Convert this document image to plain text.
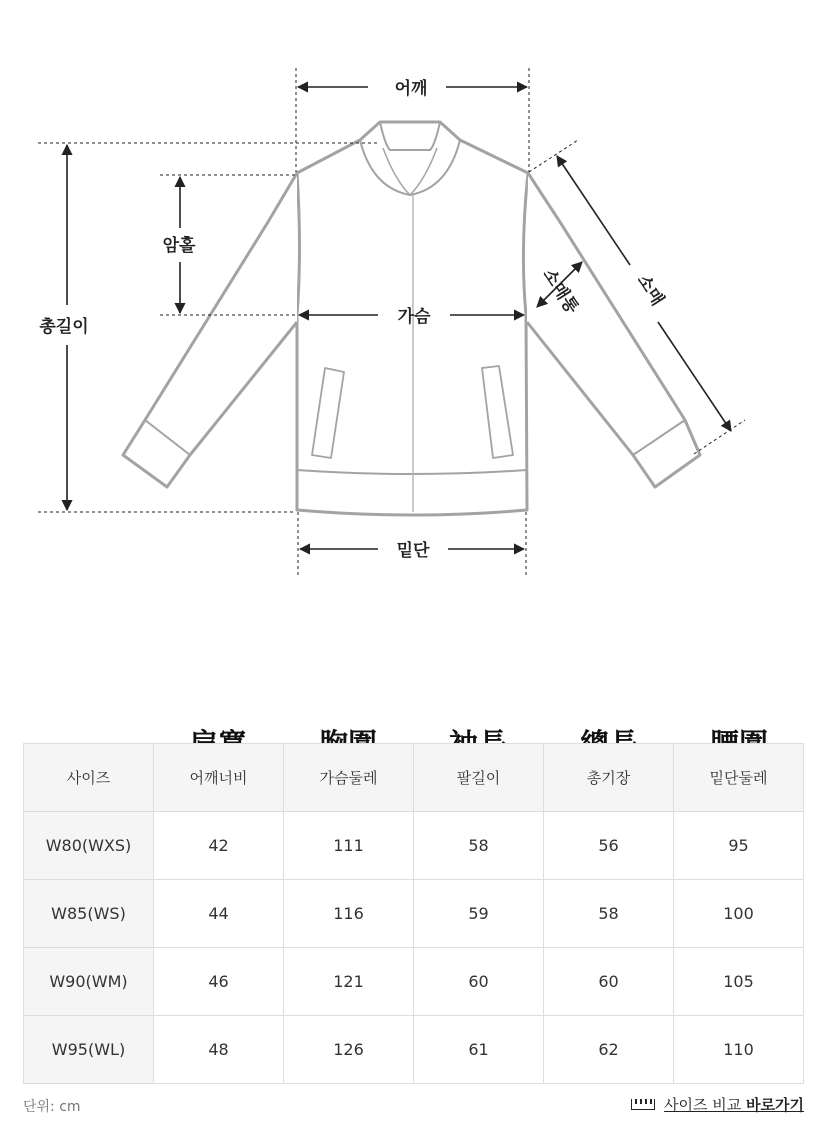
어깨
암홀
총길이	가슴
밑단
소매통	소매
사이즈	어깨너비	가슴둘레	팔길이	총기장	밑단둘레
W80(WXS)	42	111	58	56	95
W85(WS)	44	116	59	58	100
W90(WM)	46	121	60	60	105
W95(WL)	48	126	61	62	110
단위: cm	사이즈 비교 바로가기
